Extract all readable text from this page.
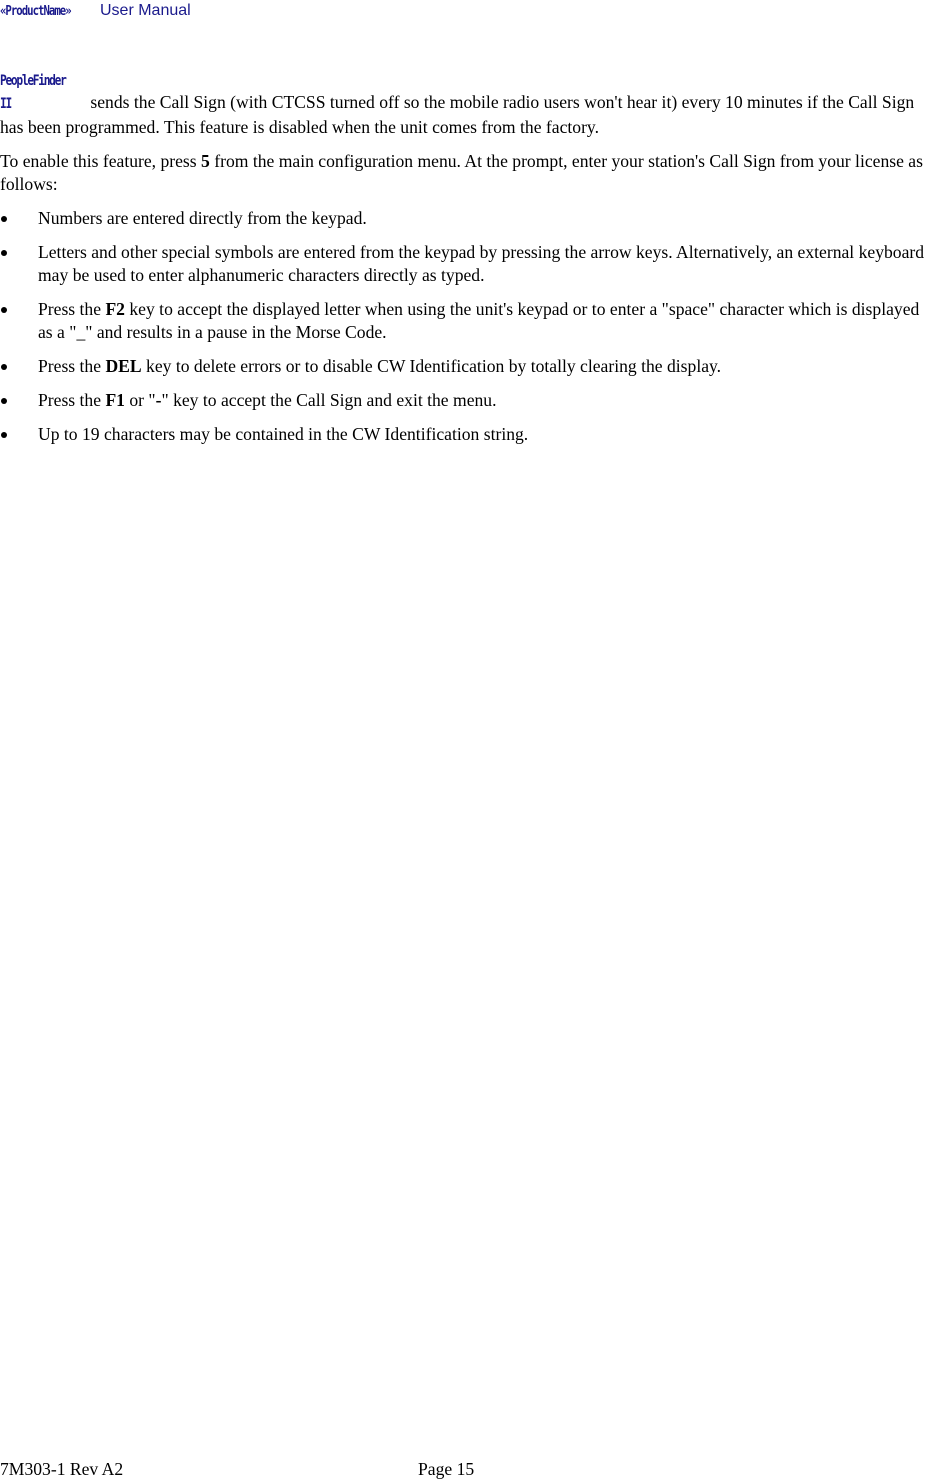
«ProductName» User Manual

PeopleFinder II	sends the Call Sign (with CTCSS turned off so the mobile radio users won't hear it) every 10 minutes if the Call Sign has been programmed. This feature is disabled when the unit comes from the factory.

To enable this feature, press 5 from the main configuration menu. At the prompt, enter your station's Call Sign from your license as follows:

Numbers are entered directly from the keypad.
Letters and other special symbols are entered from the keypad by pressing the arrow keys. Alternatively, an external keyboard may be used to enter alphanumeric characters directly as typed.
Press the F2 key to accept the displayed letter when using the unit's keypad or to enter a "space" character which is displayed as a "_" and results in a pause in the Morse Code.
Press the DEL key to delete errors or to disable CW Identification by totally clearing the display.
Press the F1 or "-" key to accept the Call Sign and exit the menu.
Up to 19 characters may be contained in the CW Identification string.
7M303-1 Rev A2	Page 15
